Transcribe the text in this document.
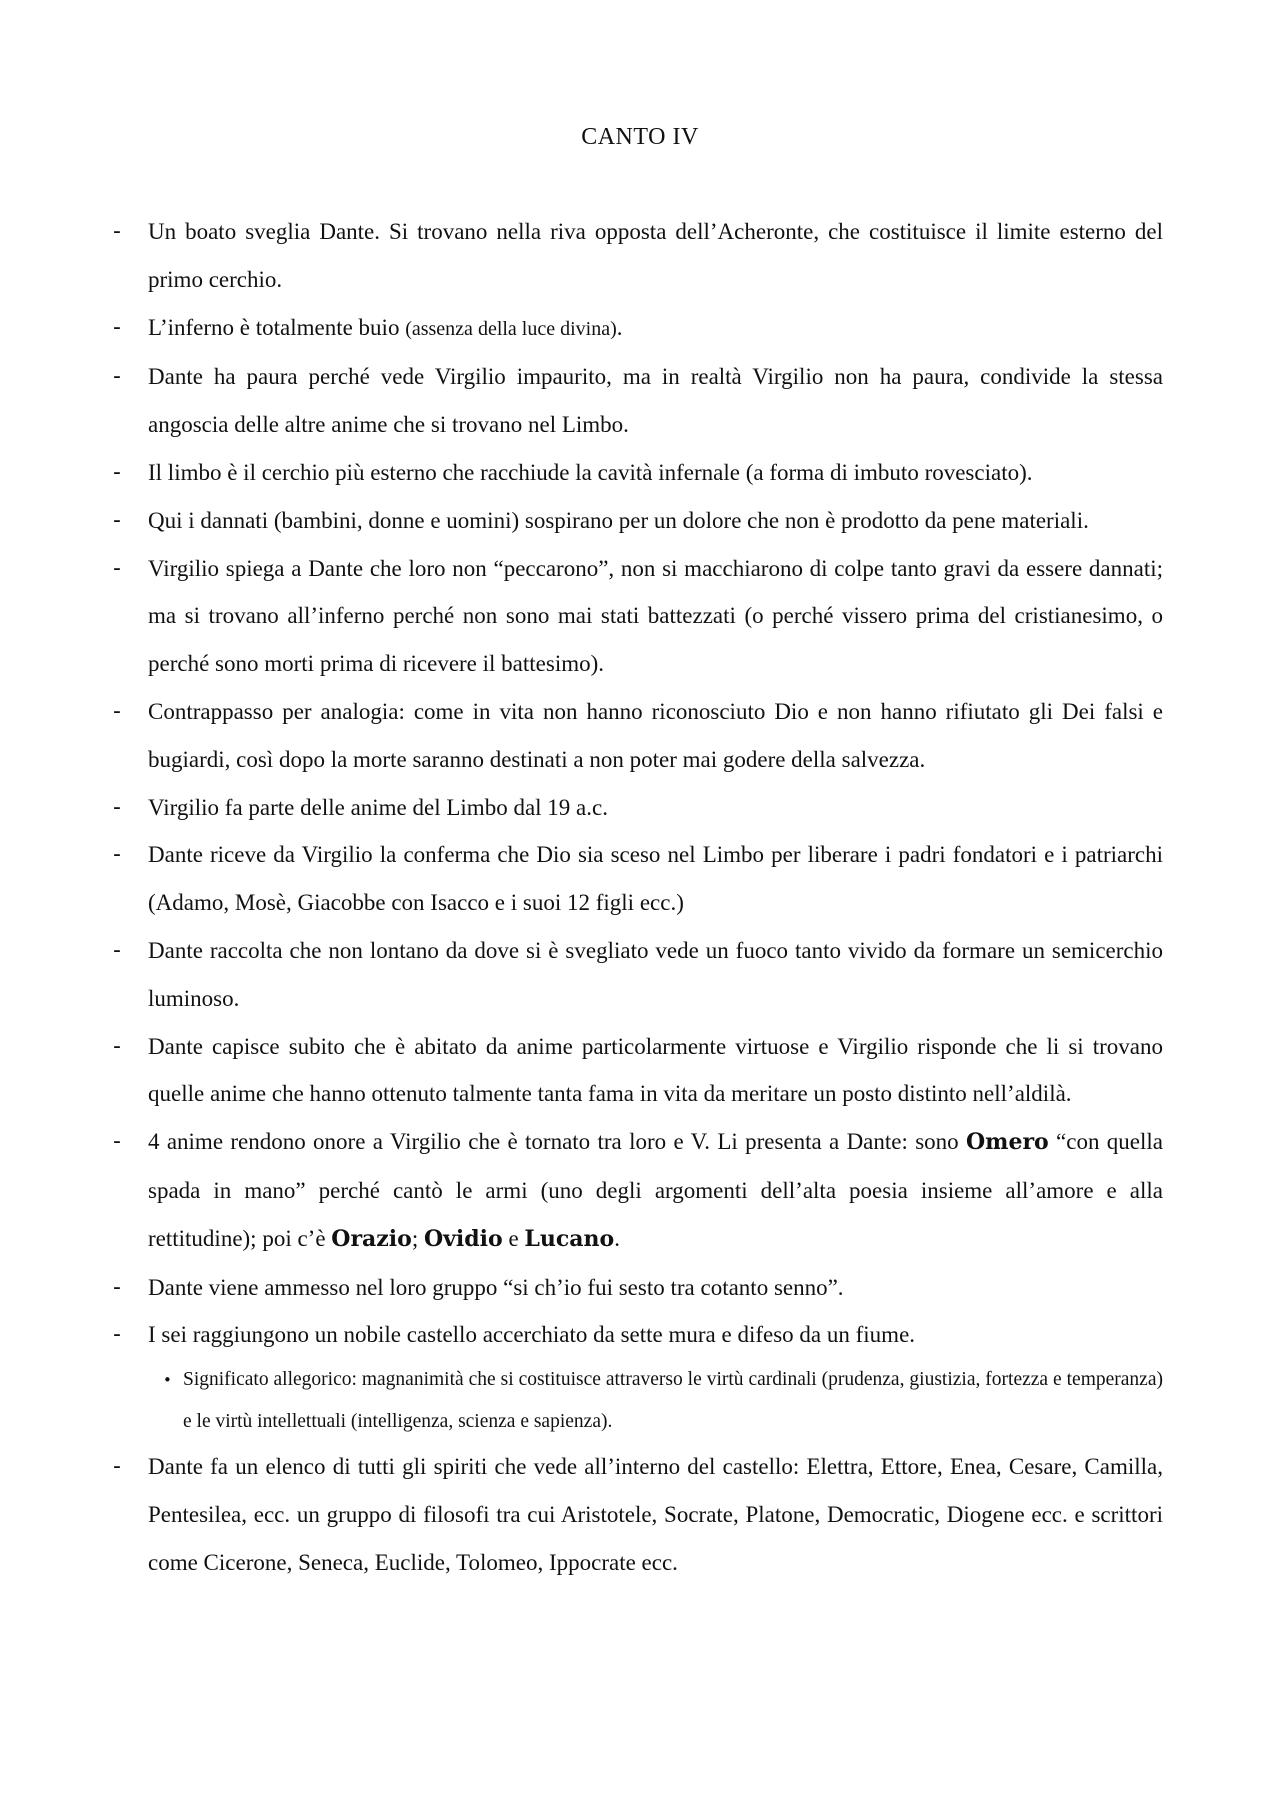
CANTO IV
- Un boato sveglia Dante. Si trovano nella riva opposta dell’Acheronte, che costituisce il limite esterno del primo cerchio.
- L’inferno è totalmente buio (assenza della luce divina).
- Dante ha paura perché vede Virgilio impaurito, ma in realtà Virgilio non ha paura, condivide la stessa angoscia delle altre anime che si trovano nel Limbo.
- Il limbo è il cerchio più esterno che racchiude la cavità infernale (a forma di imbuto rovesciato).
- Qui i dannati (bambini, donne e uomini) sospirano per un dolore che non è prodotto da pene materiali.
- Virgilio spiega a Dante che loro non “peccarono”, non si macchiarono di colpe tanto gravi da essere dannati; ma si trovano all’inferno perché non sono mai stati battezzati (o perché vissero prima del cristianesimo, o perché sono morti prima di ricevere il battesimo).
- Contrappasso per analogia: come in vita non hanno riconosciuto Dio e non hanno rifiutato gli Dei falsi e bugiardi, così dopo la morte saranno destinati a non poter mai godere della salvezza.
- Virgilio fa parte delle anime del Limbo dal 19 a.c.
- Dante riceve da Virgilio la conferma che Dio sia sceso nel Limbo per liberare i padri fondatori e i patriarchi (Adamo, Mosè, Giacobbe con Isacco e i suoi 12 figli ecc.)
- Dante raccolta che non lontano da dove si è svegliato vede un fuoco tanto vivido da formare un semicerchio luminoso.
- Dante capisce subito che è abitato da anime particolarmente virtuose e Virgilio risponde che li si trovano quelle anime che hanno ottenuto talmente tanta fama in vita da meritare un posto distinto nell’aldilà.
- 4 anime rendono onore a Virgilio che è tornato tra loro e V. Li presenta a Dante: sono Omero “con quella spada in mano” perché cantò le armi (uno degli argomenti dell’alta poesia insieme all’amore e alla rettitudine); poi c’è Orazio; Ovidio e Lucano.
- Dante viene ammesso nel loro gruppo “si ch’io fui sesto tra cotanto senno”.
- I sei raggiungono un nobile castello accerchiato da sette mura e difeso da un fiume.
• Significato allegorico: magnanimità che si costituisce attraverso le virtù cardinali (prudenza, giustizia, fortezza e temperanza) e le virtù intellettuali (intelligenza, scienza e sapienza).
- Dante fa un elenco di tutti gli spiriti che vede all’interno del castello: Elettra, Ettore, Enea, Cesare, Camilla, Pentesilea, ecc. un gruppo di filosofi tra cui Aristotele, Socrate, Platone, Democratic, Diogene ecc. e scrittori come Cicerone, Seneca, Euclide, Tolomeo, Ippocrate ecc.
